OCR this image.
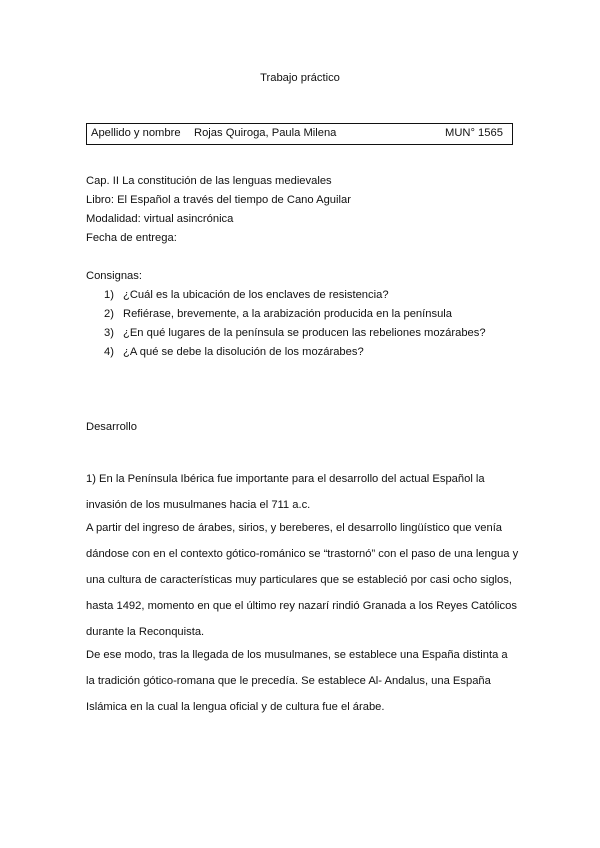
Trabajo práctico
Apellido y nombre Rojas Quiroga, Paula Milena	MUN° 1565
Cap. II La constitución de las lenguas medievales
Libro: El Español a través del tiempo de Cano Aguilar
Modalidad: virtual asincrónica
Fecha de entrega:
Consignas:
1) ¿Cuál es la ubicación de los enclaves de resistencia?
2) Refiérase, brevemente, a la arabización producida en la península
3) ¿En qué lugares de la península se producen las rebeliones mozárabes?
4) ¿A qué se debe la disolución de los mozárabes?
Desarrollo
1) En la Península Ibérica fue importante para el desarrollo del actual Español la
invasión de los musulmanes hacia el 711 a.c.
A partir del ingreso de árabes, sirios, y bereberes, el desarrollo lingüístico que venía
dándose con en el contexto gótico-románico se “trastornó” con el paso de una lengua y
una cultura de características muy particulares que se estableció por casi ocho siglos,
hasta 1492, momento en que el último rey nazarí rindió Granada a los Reyes Católicos
durante la Reconquista.
De ese modo, tras la llegada de los musulmanes, se establece una España distinta a
la tradición gótico-romana que le precedía. Se establece Al- Andalus, una España
Islámica en la cual la lengua oficial y de cultura fue el árabe.
